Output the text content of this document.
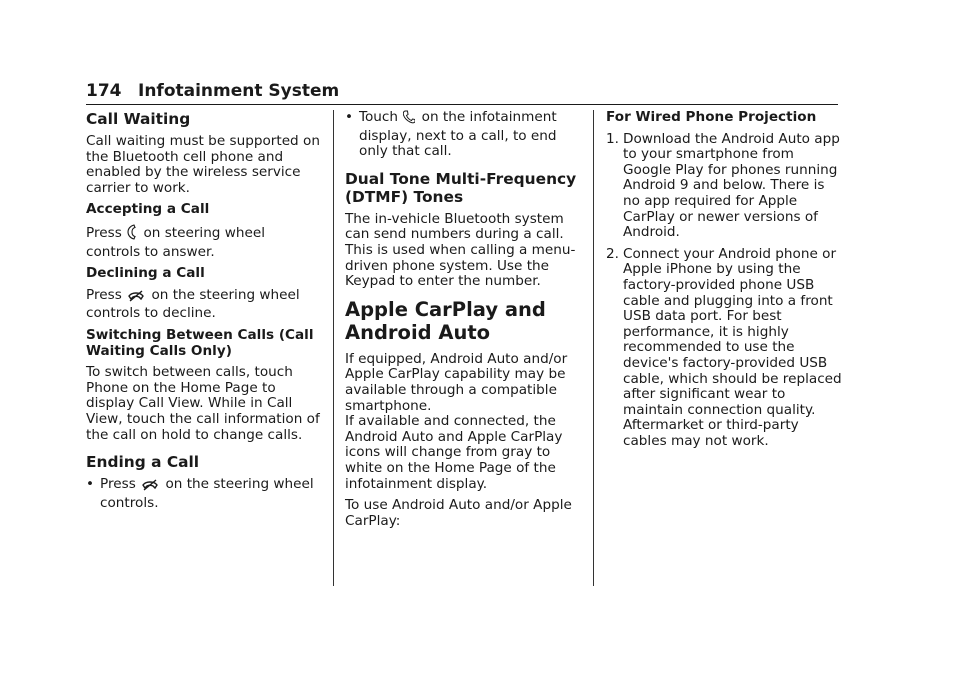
174 Infotainment System
Call Waiting

Call waiting must be supported on the Bluetooth cell phone and enabled by the wireless service carrier to work.

Accepting a Call

Press on steering wheel controls to answer.

Declining a Call

Press on the steering wheel controls to decline.

Switching Between Calls (Call Waiting Calls Only)

To switch between calls, touch Phone on the Home Page to display Call View. While in Call View, touch the call information of the call on hold to change calls.

Ending a Call
• Press on the steering wheel controls.
• Touch on the infotainment display, next to a call, to end only that call.
Dual Tone Multi-Frequency (DTMF) Tones

The in-vehicle Bluetooth system can send numbers during a call. This is used when calling a menu-driven phone system. Use the Keypad to enter the number.

Apple CarPlay and Android Auto

If equipped, Android Auto and/or Apple CarPlay capability may be available through a compatible smartphone.

If available and connected, the Android Auto and Apple CarPlay icons will change from gray to white on the Home Page of the infotainment display.

To use Android Auto and/or Apple CarPlay:

For Wired Phone Projection
1. Download the Android Auto app to your smartphone from Google Play for phones running Android 9 and below. There is no app required for Apple CarPlay or newer versions of Android.
2. Connect your Android phone or Apple iPhone by using the factory-provided phone USB cable and plugging into a front USB data port. For best performance, it is highly recommended to use the device's factory-provided USB cable, which should be replaced after significant wear to maintain connection quality. Aftermarket or third-party cables may not work.
